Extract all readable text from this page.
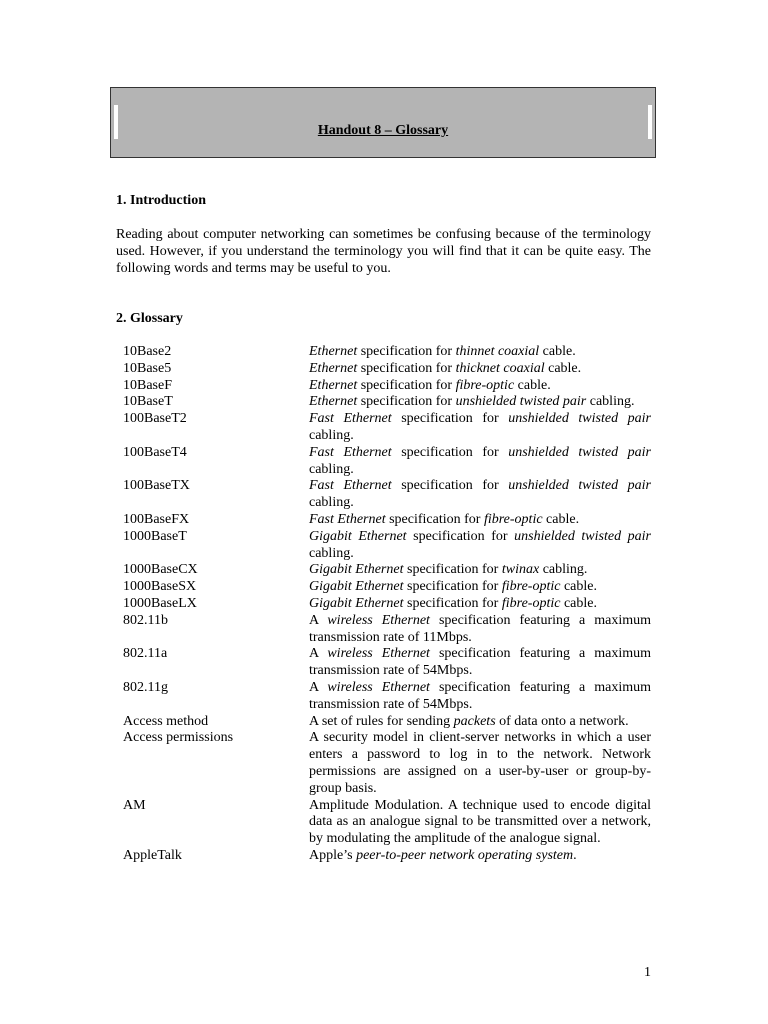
Handout 8 – Glossary
1. Introduction
Reading about computer networking can sometimes be confusing because of the terminology used. However, if you understand the terminology you will find that it can be quite easy. The following words and terms may be useful to you.
2. Glossary
10Base2	Ethernet specification for thinnet coaxial cable.
10Base5	Ethernet specification for thicknet coaxial cable.
10BaseF	Ethernet specification for fibre-optic cable.
10BaseT	Ethernet specification for unshielded twisted pair cabling.
100BaseT2	Fast Ethernet specification for unshielded twisted pair cabling.
100BaseT4	Fast Ethernet specification for unshielded twisted pair cabling.
100BaseTX	Fast Ethernet specification for unshielded twisted pair cabling.
100BaseFX	Fast Ethernet specification for fibre-optic cable.
1000BaseT	Gigabit Ethernet specification for unshielded twisted pair cabling.
1000BaseCX	Gigabit Ethernet specification for twinax cabling.
1000BaseSX	Gigabit Ethernet specification for fibre-optic cable.
1000BaseLX	Gigabit Ethernet specification for fibre-optic cable.
802.11b	A wireless Ethernet specification featuring a maximum transmission rate of 11Mbps.
802.11a	A wireless Ethernet specification featuring a maximum transmission rate of 54Mbps.
802.11g	A wireless Ethernet specification featuring a maximum transmission rate of 54Mbps.
Access method	A set of rules for sending packets of data onto a network.
Access permissions	A security model in client-server networks in which a user enters a password to log in to the network. Network permissions are assigned on a user-by-user or group-by-group basis.
AM	Amplitude Modulation. A technique used to encode digital data as an analogue signal to be transmitted over a network, by modulating the amplitude of the analogue signal.
AppleTalk	Apple’s peer-to-peer network operating system.
1
